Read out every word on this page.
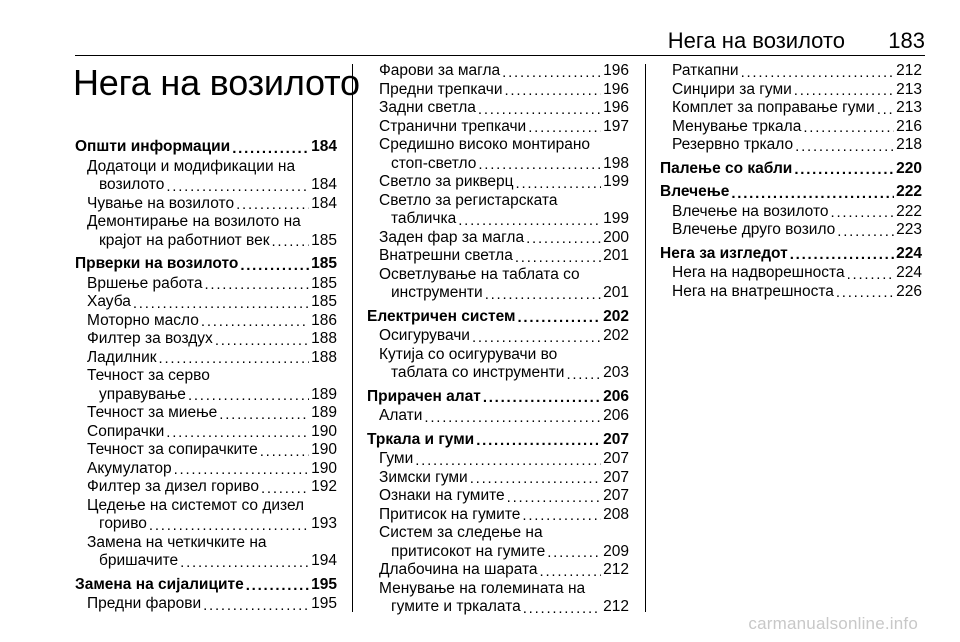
Нега на возилото 183
Нега на возилото
Општи информации . . .	184
Додатоци и модификации на
возилото . . .	184
Чување на возилото . . .	184
Демонтирање на возилото на
крајот на работниот век . . .	185
Прверки на возилото . . .	185
Вршење работа . . .	185
Хауба . . .	185
Моторно масло . . .	186
Филтер за воздух . . .	188
Ладилник . . .	188
Течност за серво
управување . . .	189
Течност за миење . . .	189
Сопирачки . . .	190
Течност за сопирачките . . .	190
Акумулатор . . .	190
Филтер за дизел гориво . . .	192
Цедење на системот со дизел
гориво . . .	193
Замена на четкичките на
бришачите . . .	194
Замена на сијалиците . . .	195
Предни фарови . . .	195
Фарови за магла . . .	196
Предни трепкачи . . .	196
Задни светла . . .	196
Странични трепкачи . . .	197
Средишно високо монтирано
стоп-светло . . .	198
Светло за рикверц . . .	199
Светло за регистарската
табличка . . .	199
Заден фар за магла . . .	200
Внатрешни светла . . .	201
Осветлување на таблата со
инструменти . . .	201
Електричен систем . . .	202
Осигурувачи . . .	202
Кутија со осигурувачи во
таблата со инструменти . . . 203
Прирачен алат . . .	206
Алати . . .	206
Тркала и гуми . . .	207
Гуми . . .	207
Зимски гуми . . .	207
Ознаки на гумите . . .	207
Притисок на гумите . . .	208
Систем за следење на
притисокот на гумите . . .	209
Длабочина на шарата . . .	212
Менување на големината на
гумите и тркалата . . .	212
Раткапни . . .	212
Синџири за гуми . . .	213
Комплет за поправање гуми . . . 213
Менување тркала . . .	216
Резервно тркало . . .	218
Палење со кабли . . .	220
Влечење . . .	222
Влечење на возилото . . .	222
Влечење друго возило . . .	223
Нега за изгледот . . .	224
Нега на надворешноста . . .	224
Нега на внатрешноста . . .	226
carmanualsonline.info
